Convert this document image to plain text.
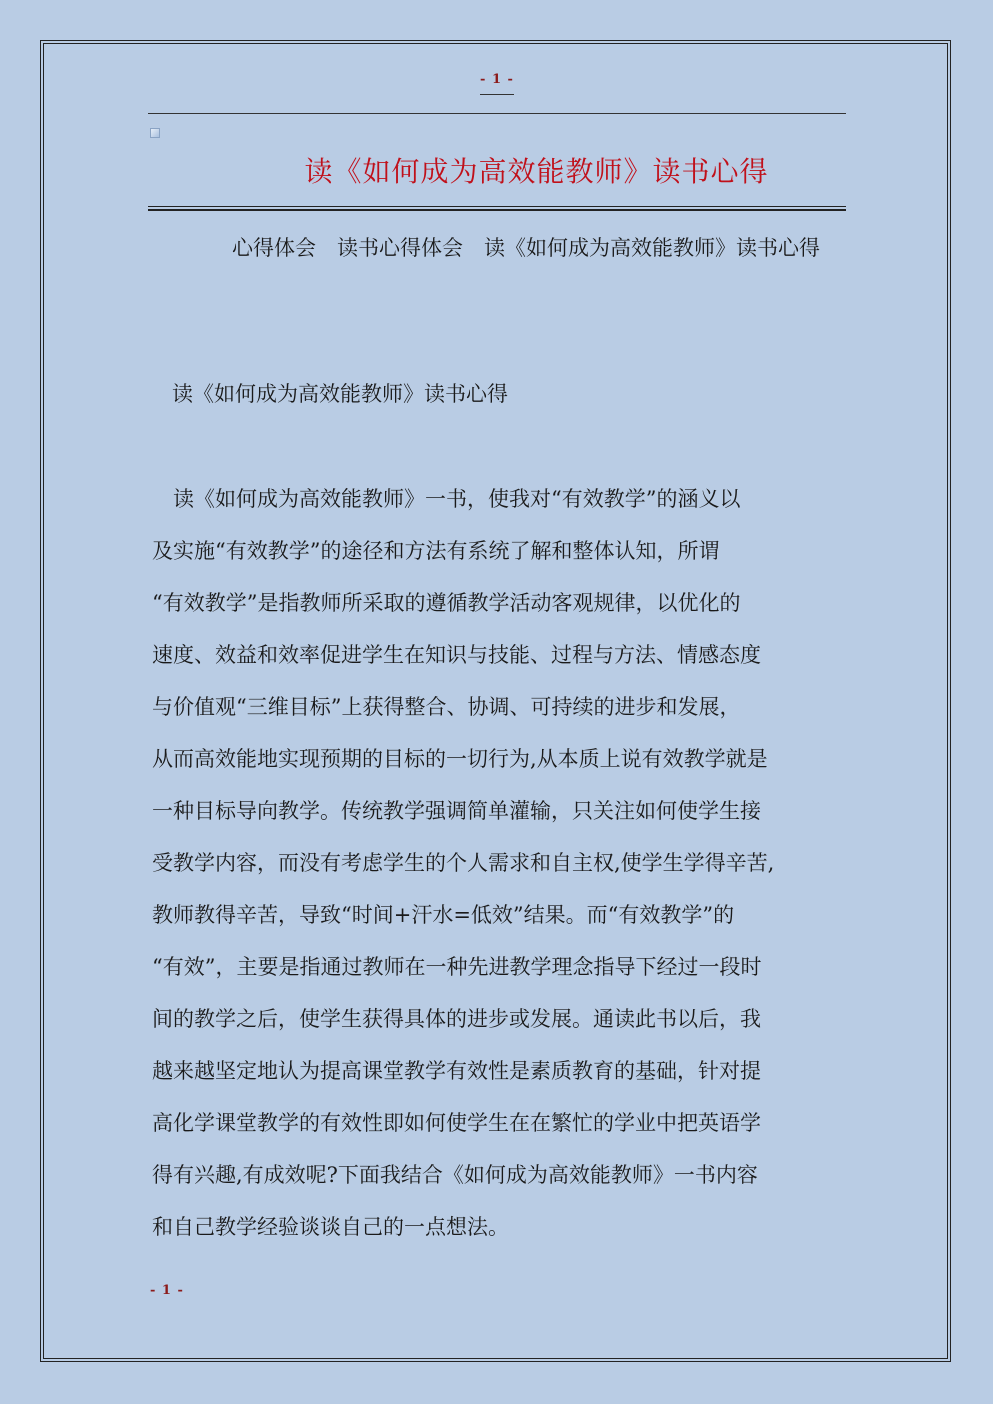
- 1 -
读《如何成为高效能教师》读书心得
心得体会　读书心得体会　读《如何成为高效能教师》读书心得
读《如何成为高效能教师》读书心得
　读《如何成为高效能教师》一书，使我对“有效教学”的涵义以
及实施“有效教学”的途径和方法有系统了解和整体认知，所谓
“有效教学”是指教师所采取的遵循教学活动客观规律，以优化的
速度、效益和效率促进学生在知识与技能、过程与方法、情感态度
与价值观“三维目标”上获得整合、协调、可持续的进步和发展，
从而高效能地实现预期的目标的一切行为,从本质上说有效教学就是
一种目标导向教学。传统教学强调简单灌输，只关注如何使学生接
受教学内容，而没有考虑学生的个人需求和自主权,使学生学得辛苦,
教师教得辛苦，导致“时间+汗水=低效”结果。而“有效教学”的
“有效”，主要是指通过教师在一种先进教学理念指导下经过一段时
间的教学之后，使学生获得具体的进步或发展。通读此书以后，我
越来越坚定地认为提高课堂教学有效性是素质教育的基础，针对提
高化学课堂教学的有效性即如何使学生在在繁忙的学业中把英语学
得有兴趣,有成效呢?下面我结合《如何成为高效能教师》一书内容
和自己教学经验谈谈自己的一点想法。
- 1 -
